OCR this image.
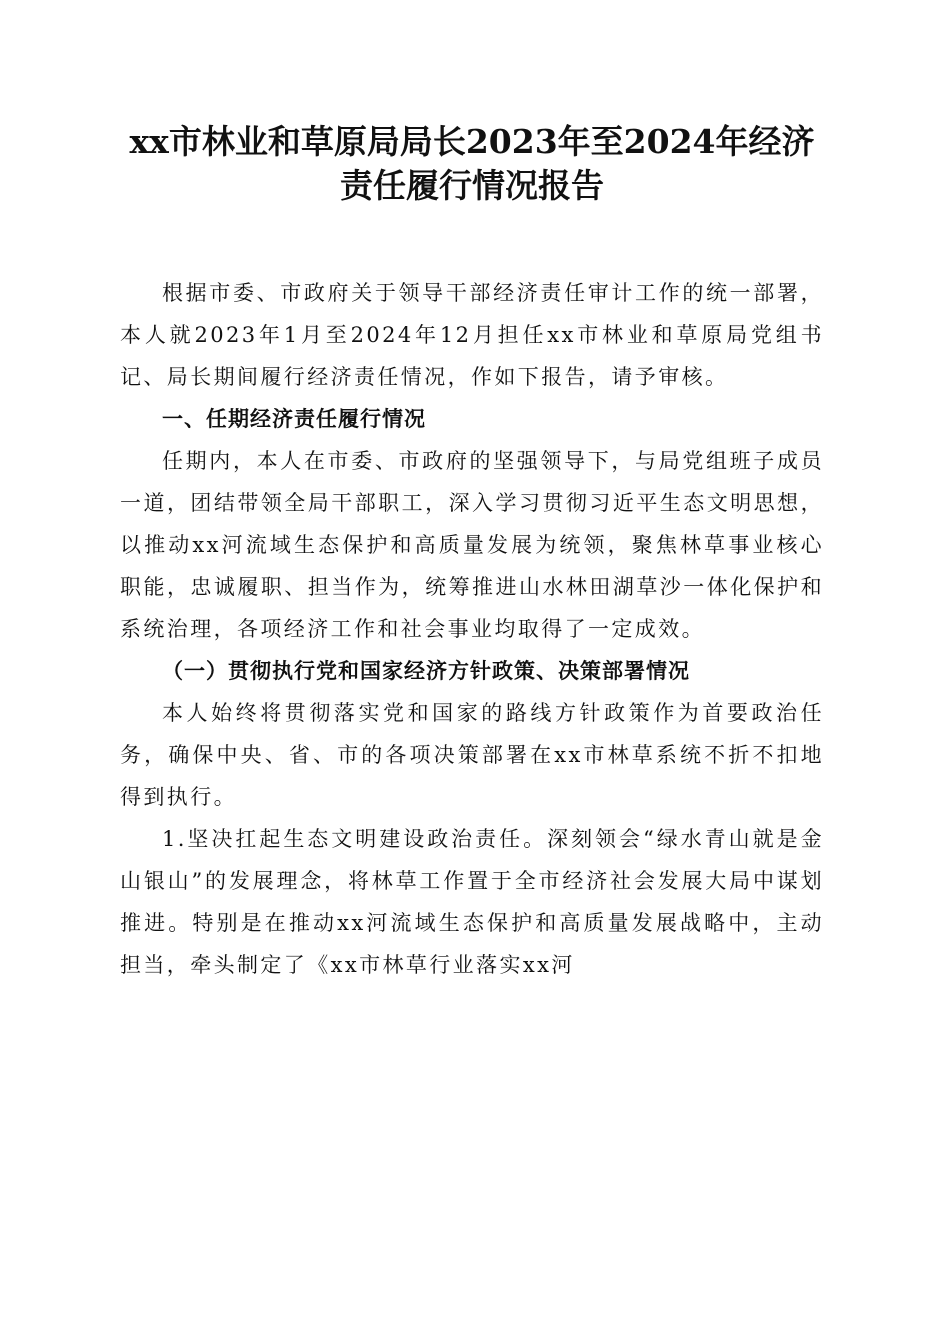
xx市林业和草原局局长2023年至2024年经济
责任履行情况报告

根据市委、市政府关于领导干部经济责任审计工作的统一部署，本人就2023年1月至2024年12月担任xx市林业和草原局党组书记、局长期间履行经济责任情况，作如下报告，请予审核。

一、任期经济责任履行情况

任期内，本人在市委、市政府的坚强领导下，与局党组班子成员一道，团结带领全局干部职工，深入学习贯彻习近平生态文明思想，以推动xx河流域生态保护和高质量发展为统领，聚焦林草事业核心职能，忠诚履职、担当作为，统筹推进山水林田湖草沙一体化保护和系统治理，各项经济工作和社会事业均取得了一定成效。

（一）贯彻执行党和国家经济方针政策、决策部署情况

本人始终将贯彻落实党和国家的路线方针政策作为首要政治任务，确保中央、省、市的各项决策部署在xx市林草系统不折不扣地得到执行。

1.坚决扛起生态文明建设政治责任。深刻领会“绿水青山就是金山银山”的发展理念，将林草工作置于全市经济社会发展大局中谋划推进。特别是在推动xx河流域生态保护和高质量发展战略中，主动担当，牵头制定了《xx市林草行业落实xx河
